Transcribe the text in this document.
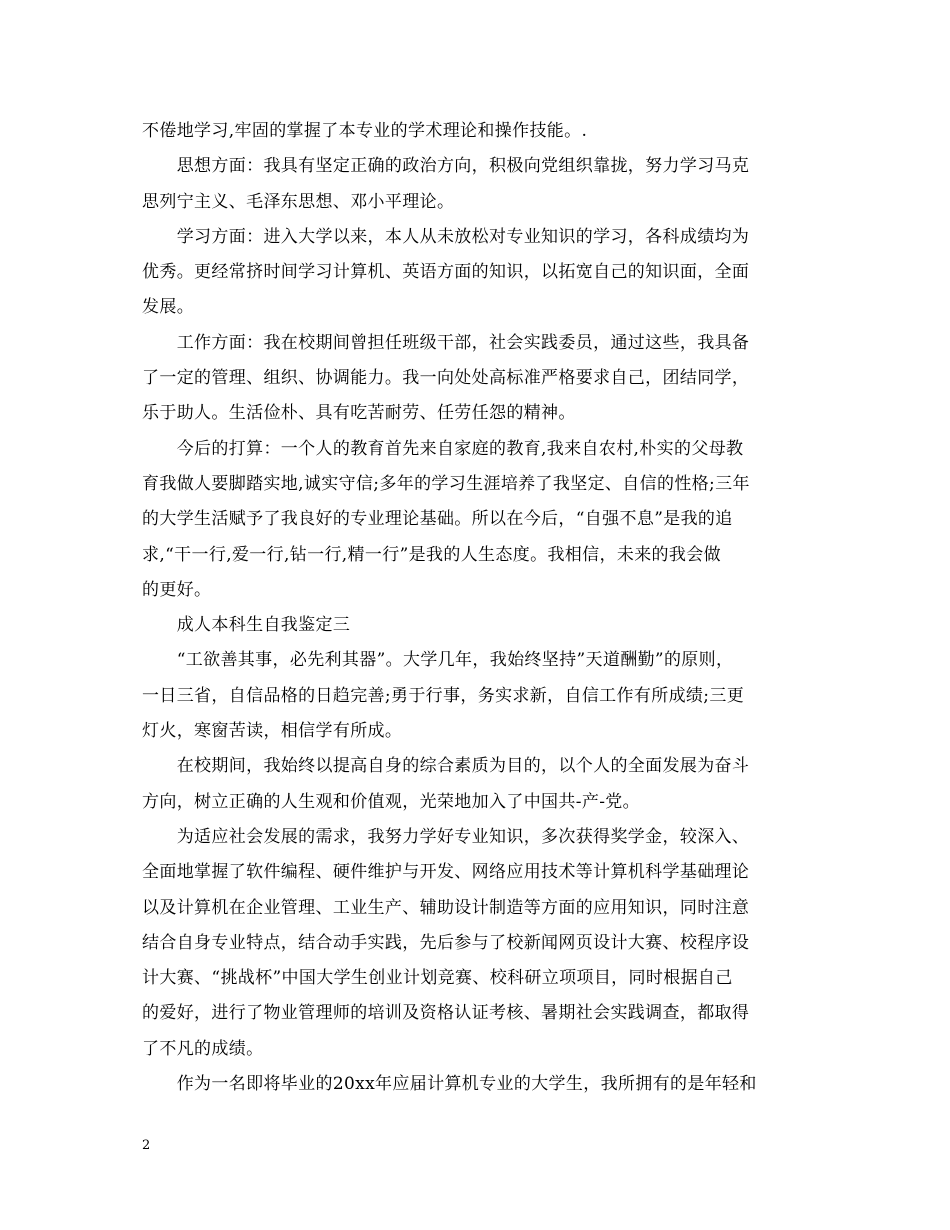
不倦地学习,牢固的掌握了本专业的学术理论和操作技能。.
　　思想方面：我具有坚定正确的政治方向，积极向党组织靠拢，努力学习马克
思列宁主义、毛泽东思想、邓小平理论。
　　学习方面：进入大学以来，本人从未放松对专业知识的学习，各科成绩均为
优秀。更经常挤时间学习计算机、英语方面的知识，以拓宽自己的知识面，全面
发展。
　　工作方面：我在校期间曾担任班级干部，社会实践委员，通过这些，我具备
了一定的管理、组织、协调能力。我一向处处高标准严格要求自己，团结同学，
乐于助人。生活俭朴、具有吃苦耐劳、任劳任怨的精神。
　　今后的打算：一个人的教育首先来自家庭的教育,我来自农村,朴实的父母教
育我做人要脚踏实地,诚实守信;多年的学习生涯培养了我坚定、自信的性格;三年
的大学生活赋予了我良好的专业理论基础。所以在今后，“自强不息”是我的追
求,“干一行,爱一行,钻一行,精一行”是我的人生态度。我相信，未来的我会做
的更好。
　　成人本科生自我鉴定三
　　“工欲善其事，必先利其器”。大学几年，我始终坚持”天道酬勤”的原则，
一日三省，自信品格的日趋完善;勇于行事，务实求新，自信工作有所成绩;三更
灯火，寒窗苦读，相信学有所成。
　　在校期间，我始终以提高自身的综合素质为目的，以个人的全面发展为奋斗
方向，树立正确的人生观和价值观，光荣地加入了中国共-产-党。
　　为适应社会发展的需求，我努力学好专业知识，多次获得奖学金，较深入、
全面地掌握了软件编程、硬件维护与开发、网络应用技术等计算机科学基础理论
以及计算机在企业管理、工业生产、辅助设计制造等方面的应用知识，同时注意
结合自身专业特点，结合动手实践，先后参与了校新闻网页设计大赛、校程序设
计大赛、“挑战杯”中国大学生创业计划竞赛、校科研立项项目，同时根据自己
的爱好，进行了物业管理师的培训及资格认证考核、暑期社会实践调查，都取得
了不凡的成绩。
　　作为一名即将毕业的20xx年应届计算机专业的大学生，我所拥有的是年轻和
2
